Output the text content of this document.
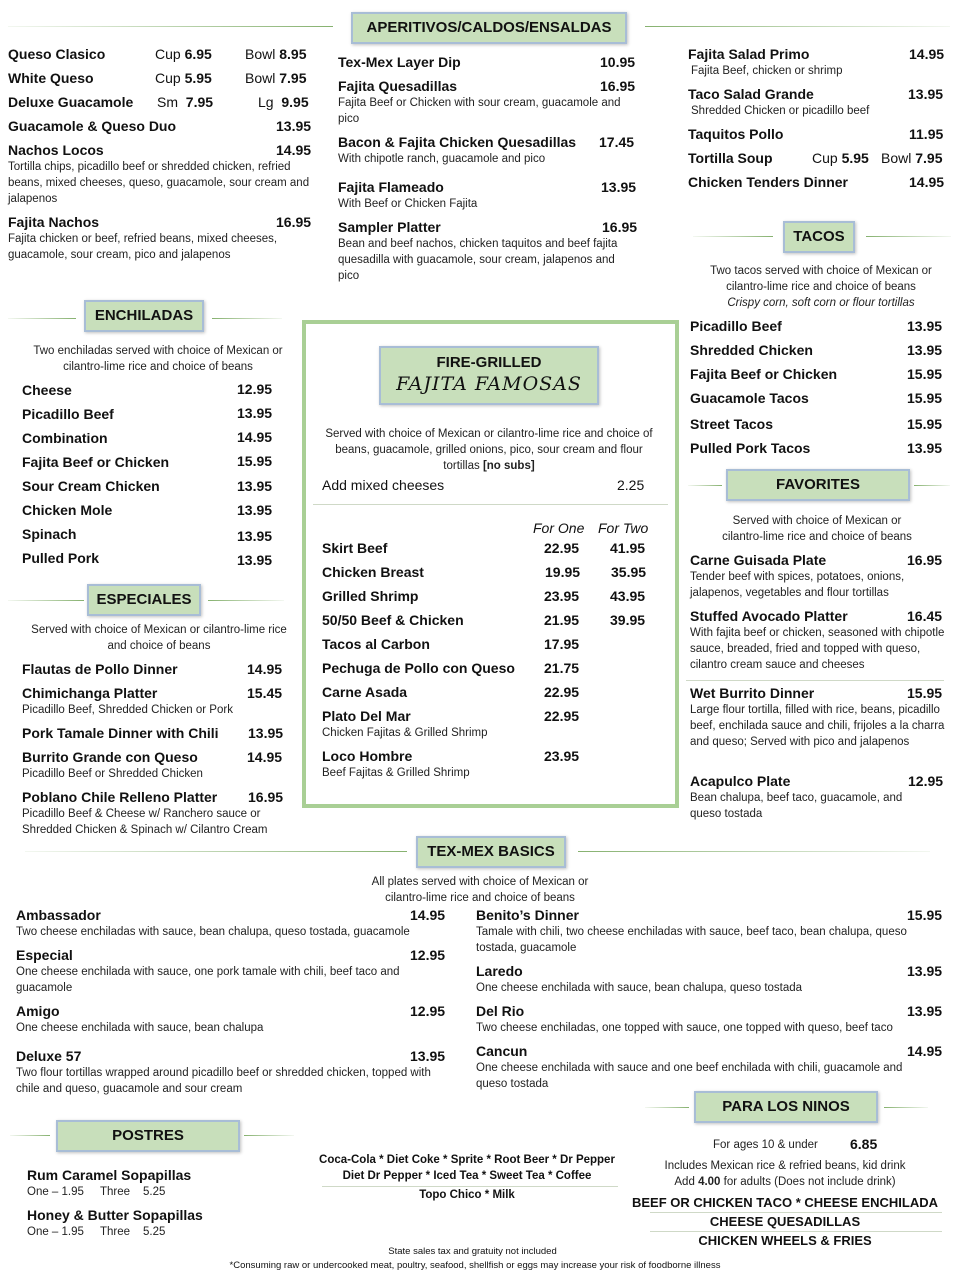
APERITIVOS/CALDOS/ENSALDAS
Queso Clasico	Cup 6.95 Bowl 8.95
White Queso	Cup 5.95 Bowl 7.95
Deluxe Guacamole Sm 7.95	Lg 9.95
Guacamole & Queso Duo	13.95
Nachos Locos	14.95
Tortilla chips, picadillo beef or shredded chicken, refried beans, mixed cheeses, queso, guacamole, sour cream and jalapenos
Fajita Nachos	16.95
Fajita chicken or beef, refried beans, mixed cheeses, guacamole, sour cream, pico and jalapenos
Tex-Mex Layer Dip	10.95
Fajita Quesadillas	16.95
Fajita Beef or Chicken with sour cream, guacamole and pico
Bacon & Fajita Chicken Quesadillas 17.45
With chipotle ranch, guacamole and pico
Fajita Flameado	13.95
With Beef or Chicken Fajita
Sampler Platter	16.95
Bean and beef nachos, chicken taquitos and beef fajita quesadilla with guacamole, sour cream, jalapenos and pico
Fajita Salad Primo	14.95
Fajita Beef, chicken or shrimp
Taco Salad Grande	13.95
Shredded Chicken or picadillo beef
Taquitos Pollo	11.95
Tortilla Soup	Cup 5.95 Bowl 7.95
Chicken Tenders Dinner	14.95
TACOS
Two tacos served with choice of Mexican or cilantro-lime rice and choice of beans
Crispy corn, soft corn or flour tortillas
Picadillo Beef	13.95
Shredded Chicken	13.95
Fajita Beef or Chicken	15.95
Guacamole Tacos	15.95
Street Tacos	15.95
Pulled Pork Tacos	13.95
ENCHILADAS
Two enchiladas served with choice of Mexican or cilantro-lime rice and choice of beans
Cheese	12.95
Picadillo Beef	13.95
Combination	14.95
Fajita Beef or Chicken	15.95
Sour Cream Chicken	13.95
Chicken Mole	13.95
Spinach	13.95
Pulled Pork	13.95
FIRE-GRILLED
FAJITA FAMOSAS
Served with choice of Mexican or cilantro-lime rice and choice of beans, guacamole, grilled onions, pico, sour cream and flour tortillas [no subs]
Add mixed cheeses	2.25
For One For Two
Skirt Beef	22.95 41.95
Chicken Breast	19.95 35.95
Grilled Shrimp	23.95 43.95
50/50 Beef & Chicken	21.95 39.95
Tacos al Carbon	17.95
Pechuga de Pollo con Queso 21.75
Carne Asada	22.95
Plato Del Mar	22.95
Chicken Fajitas & Grilled Shrimp
Loco Hombre	23.95
Beef Fajitas & Grilled Shrimp
FAVORITES
Served with choice of Mexican or cilantro-lime rice and choice of beans
Carne Guisada Plate	16.95
Tender beef with spices, potatoes, onions, jalapenos, vegetables and flour tortillas
Stuffed Avocado Platter	16.45
With fajita beef or chicken, seasoned with chipotle sauce, breaded, fried and topped with queso, cilantro cream sauce and cheeses
Wet Burrito Dinner	15.95
Large flour tortilla, filled with rice, beans, picadillo beef, enchilada sauce and chili, frijoles a la charra and queso; Served with pico and jalapenos
Acapulco Plate	12.95
Bean chalupa, beef taco, guacamole, and queso tostada
ESPECIALES
Served with choice of Mexican or cilantro-lime rice and choice of beans
Flautas de Pollo Dinner	14.95
Chimichanga Platter	15.45
Picadillo Beef, Shredded Chicken or Pork
Pork Tamale Dinner with Chili 13.95
Burrito Grande con Queso	14.95
Picadillo Beef or Shredded Chicken
Poblano Chile Relleno Platter 16.95
Picadillo Beef & Cheese w/ Ranchero sauce or Shredded Chicken & Spinach w/ Cilantro Cream
TEX-MEX BASICS
All plates served with choice of Mexican or cilantro-lime rice and choice of beans
Ambassador	14.95
Two cheese enchiladas with sauce, bean chalupa, queso tostada, guacamole
Especial	12.95
One cheese enchilada with sauce, one pork tamale with chili, beef taco and guacamole
Amigo	12.95
One cheese enchilada with sauce, bean chalupa
Deluxe 57	13.95
Two flour tortillas wrapped around picadillo beef or shredded chicken, topped with chile and queso, guacamole and sour cream
Benito’s Dinner	15.95
Tamale with chili, two cheese enchiladas with sauce, beef taco, bean chalupa, queso tostada, guacamole
Laredo	13.95
One cheese enchilada with sauce, bean chalupa, queso tostada
Del Rio	13.95
Two cheese enchiladas, one topped with sauce, one topped with queso, beef taco
Cancun	14.95
One cheese enchilada with sauce and one beef enchilada with chili, guacamole and queso tostada
POSTRES
Rum Caramel Sopapillas
One – 1.95 Three 5.25
Honey & Butter Sopapillas
One – 1.95 Three 5.25
Coca-Cola * Diet Coke * Sprite * Root Beer * Dr Pepper
Diet Dr Pepper * Iced Tea * Sweet Tea * Coffee
Topo Chico * Milk
PARA LOS NINOS
For ages 10 & under 6.85
Includes Mexican rice & refried beans, kid drink
Add 4.00 for adults (Does not include drink)
BEEF OR CHICKEN TACO * CHEESE ENCHILADA
CHEESE QUESADILLAS
CHICKEN WHEELS & FRIES
State sales tax and gratuity not included
*Consuming raw or undercooked meat, poultry, seafood, shellfish or eggs may increase your risk of foodborne illness
